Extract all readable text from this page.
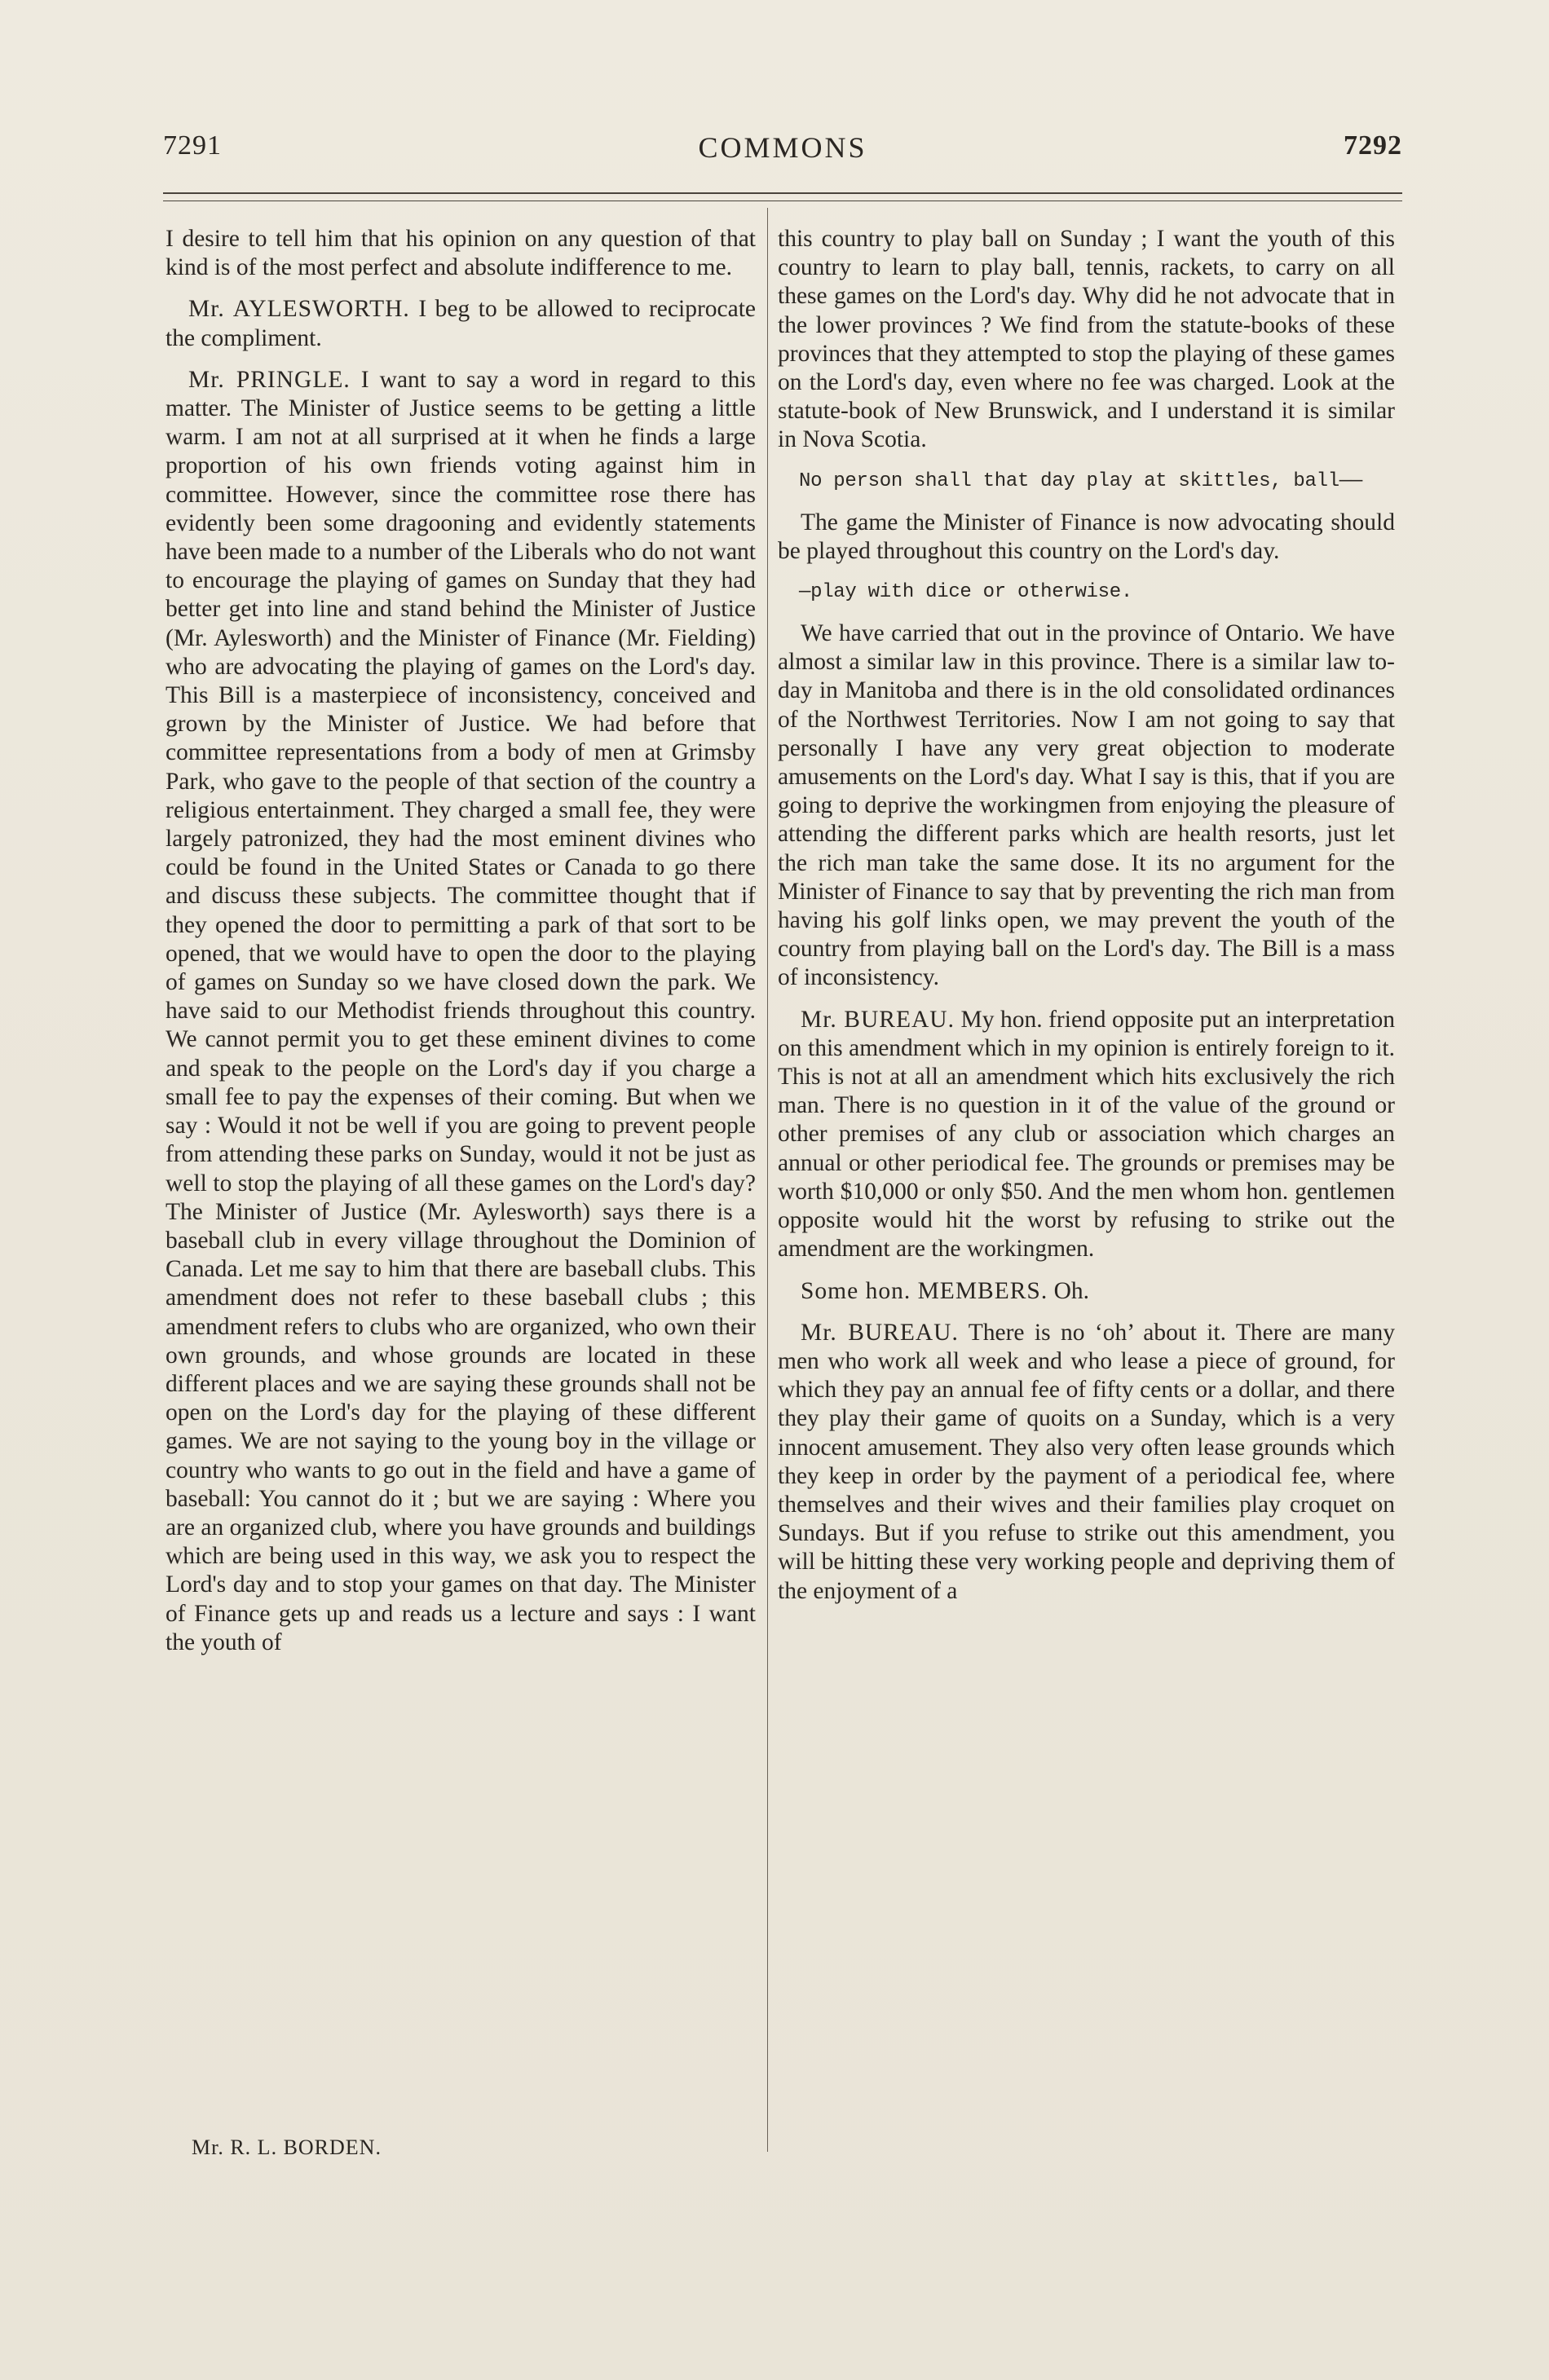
7291	COMMONS	7292

I desire to tell him that his opinion on any question of that kind is of the most perfect and absolute indifference to me.

Mr. AYLESWORTH. I beg to be allowed to reciprocate the compliment.

Mr. PRINGLE. I want to say a word in regard to this matter. The Minister of Justice seems to be getting a little warm. I am not at all surprised at it when he finds a large proportion of his own friends voting against him in committee. However, since the committee rose there has evidently been some dragooning and evidently statements have been made to a number of the Liberals who do not want to encourage the playing of games on Sunday that they had better get into line and stand behind the Minister of Justice (Mr. Aylesworth) and the Minister of Finance (Mr. Fielding) who are advocating the playing of games on the Lord's day. This Bill is a masterpiece of inconsistency, conceived and grown by the Minister of Justice. We had before that committee representations from a body of men at Grimsby Park, who gave to the people of that section of the country a religious entertainment. They charged a small fee, they were largely patronized, they had the most eminent divines who could be found in the United States or Canada to go there and discuss these subjects. The committee thought that if they opened the door to permitting a park of that sort to be opened, that we would have to open the door to the playing of games on Sunday so we have closed down the park. We have said to our Methodist friends throughout this country. We cannot permit you to get these eminent divines to come and speak to the people on the Lord's day if you charge a small fee to pay the expenses of their coming. But when we say : Would it not be well if you are going to prevent people from attending these parks on Sunday, would it not be just as well to stop the playing of all these games on the Lord's day? The Minister of Justice (Mr. Aylesworth) says there is a baseball club in every village throughout the Dominion of Canada. Let me say to him that there are baseball clubs. This amendment does not refer to these baseball clubs ; this amendment refers to clubs who are organized, who own their own grounds, and whose grounds are located in these different places and we are saying these grounds shall not be open on the Lord's day for the playing of these different games. We are not saying to the young boy in the village or country who wants to go out in the field and have a game of baseball: You cannot do it ; but we are saying : Where you are an organized club, where you have grounds and buildings which are being used in this way, we ask you to respect the Lord's day and to stop your games on that day. The Minister of Finance gets up and reads us a lecture and says : I want the youth of

Mr. R. L. BORDEN.

this country to play ball on Sunday ; I want the youth of this country to learn to play ball, tennis, rackets, to carry on all these games on the Lord's day. Why did he not advocate that in the lower provinces ? We find from the statute-books of these provinces that they attempted to stop the playing of these games on the Lord's day, even where no fee was charged. Look at the statute-book of New Brunswick, and I understand it is similar in Nova Scotia.

No person shall that day play at skittles, ball——

The game the Minister of Finance is now advocating should be played throughout this country on the Lord's day.

—play with dice or otherwise.

We have carried that out in the province of Ontario. We have almost a similar law in this province. There is a similar law to-day in Manitoba and there is in the old consolidated ordinances of the Northwest Territories. Now I am not going to say that personally I have any very great objection to moderate amusements on the Lord's day. What I say is this, that if you are going to deprive the workingmen from enjoying the pleasure of attending the different parks which are health resorts, just let the rich man take the same dose. It its no argument for the Minister of Finance to say that by preventing the rich man from having his golf links open, we may prevent the youth of the country from playing ball on the Lord's day. The Bill is a mass of inconsistency.

Mr. BUREAU. My hon. friend opposite put an interpretation on this amendment which in my opinion is entirely foreign to it. This is not at all an amendment which hits exclusively the rich man. There is no question in it of the value of the ground or other premises of any club or association which charges an annual or other periodical fee. The grounds or premises may be worth $10,000 or only $50. And the men whom hon. gentlemen opposite would hit the worst by refusing to strike out the amendment are the workingmen.

Some hon. MEMBERS. Oh.

Mr. BUREAU. There is no ‘oh’ about it. There are many men who work all week and who lease a piece of ground, for which they pay an annual fee of fifty cents or a dollar, and there they play their game of quoits on a Sunday, which is a very innocent amusement. They also very often lease grounds which they keep in order by the payment of a periodical fee, where themselves and their wives and their families play croquet on Sundays. But if you refuse to strike out this amendment, you will be hitting these very working people and depriving them of the enjoyment of a
